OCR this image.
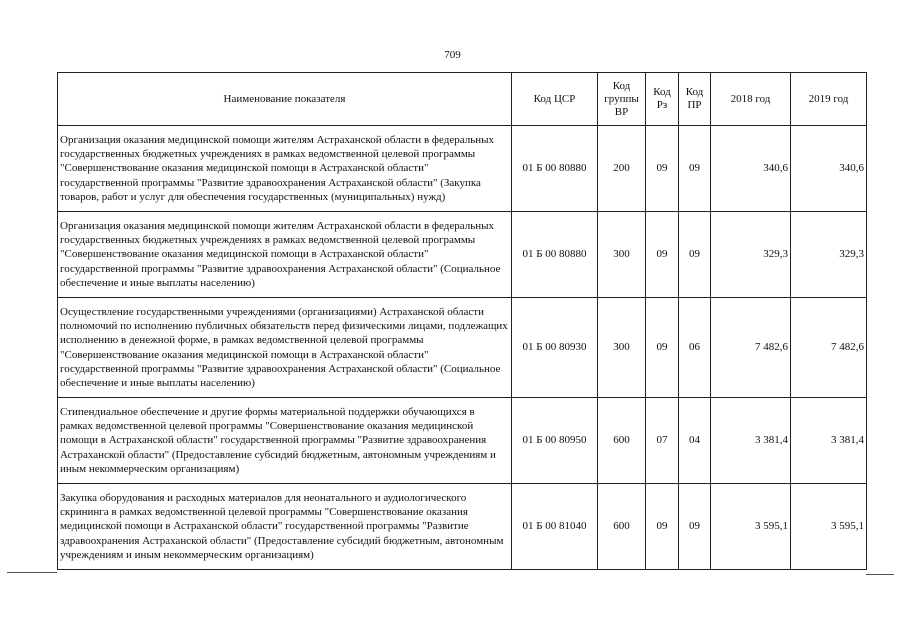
709
Наименование показателя	Код ЦСР	Код группы ВР	Код Рз	Код ПР	2018 год	2019 год
Организация оказания медицинской помощи жителям Астраханской области в федеральных государственных бюджетных учреждениях в рамках ведомственной целевой программы "Совершенствование оказания медицинской помощи в Астраханской области" государственной программы "Развитие здравоохранения Астраханской области" (Закупка товаров, работ и услуг для обеспечения государственных (муниципальных) нужд)	01 Б 00 80880	200	09	09	340,6	340,6
Организация оказания медицинской помощи жителям Астраханской области в федеральных государственных бюджетных учреждениях в рамках ведомственной целевой программы "Совершенствование оказания медицинской помощи в Астраханской области" государственной программы "Развитие здравоохранения Астраханской области" (Социальное обеспечение и иные выплаты населению)	01 Б 00 80880	300	09	09	329,3	329,3
Осуществление государственными учреждениями (организациями) Астраханской области полномочий по исполнению публичных обязательств перед физическими лицами, подлежащих исполнению в денежной форме, в рамках ведомственной целевой программы "Совершенствование оказания медицинской помощи в Астраханской области" государственной программы "Развитие здравоохранения Астраханской области" (Социальное обеспечение и иные выплаты населению)	01 Б 00 80930	300	09	06	7 482,6	7 482,6
Стипендиальное обеспечение и другие формы материальной поддержки обучающихся в рамках ведомственной целевой программы "Совершенствование оказания медицинской помощи в Астраханской области" государственной программы "Развитие здравоохранения Астраханской области" (Предоставление субсидий бюджетным, автономным учреждениям и иным некоммерческим организациям)	01 Б 00 80950	600	07	04	3 381,4	3 381,4
Закупка оборудования и расходных материалов для неонатального и аудиологического скрининга в рамках ведомственной целевой программы "Совершенствование оказания медицинской помощи в Астраханской области" государственной программы "Развитие здравоохранения Астраханской области" (Предоставление субсидий бюджетным, автономным учреждениям и иным некоммерческим организациям)	01 Б 00 81040	600	09	09	3 595,1	3 595,1
